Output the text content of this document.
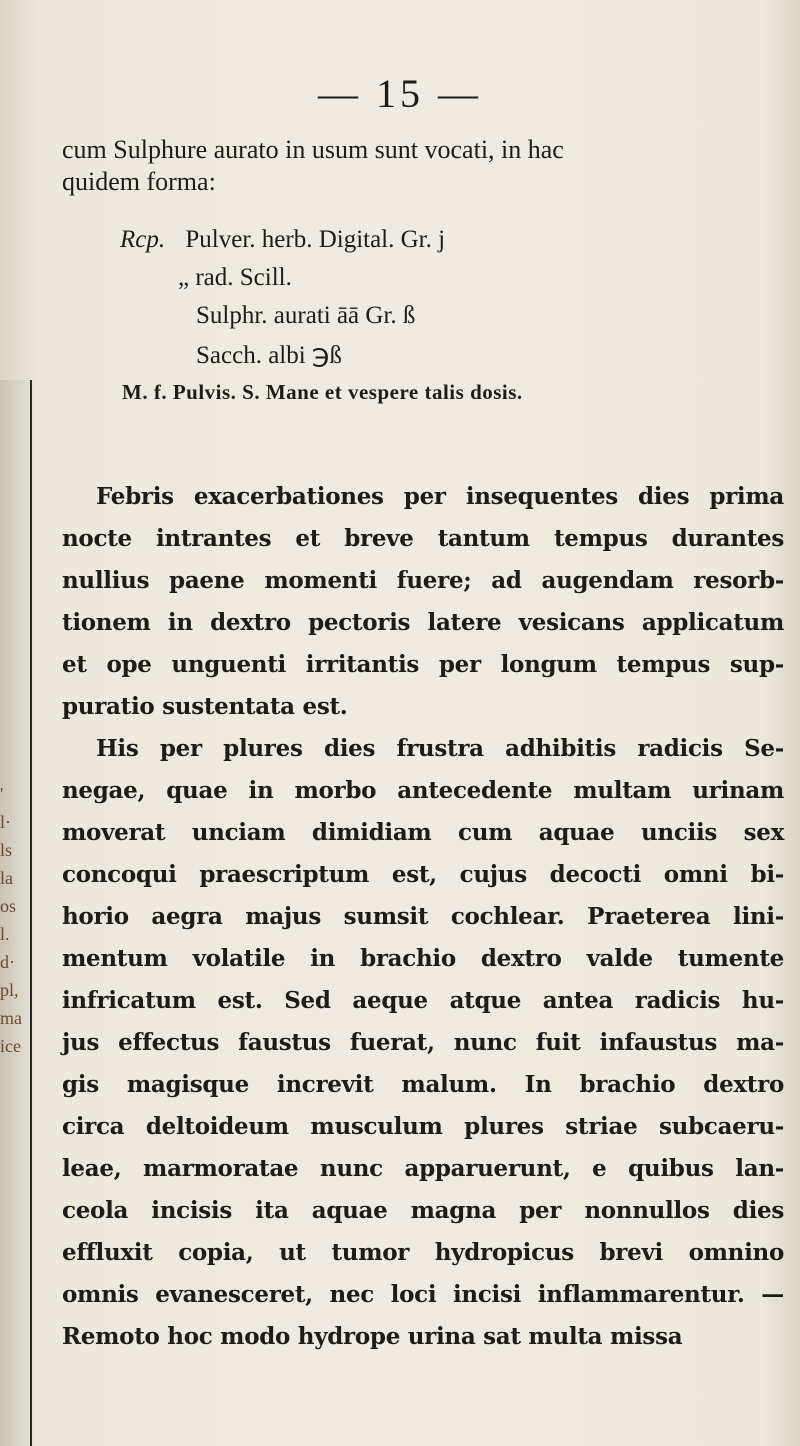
'
l·
ls
la
os
l.
d·
pl,
ma
ice
— 15 —
cum Sulphure aurato in usum sunt vocati, in hac
quidem forma:
Rcp. Pulver. herb. Digital. Gr. j
„ rad. Scill.
Sulphr. aurati āā Gr. ß
Sacch. albi ℈ß
M. f. Pulvis. S. Mane et vespere talis dosis.
Febris exacerbationes per insequentes dies prima
nocte intrantes et breve tantum tempus durantes
nullius paene momenti fuere; ad augendam resorb-
tionem in dextro pectoris latere vesicans applicatum
et ope unguenti irritantis per longum tempus sup-
puratio sustentata est.
His per plures dies frustra adhibitis radicis Se-
negae, quae in morbo antecedente multam urinam
moverat unciam dimidiam cum aquae unciis sex
concoqui praescriptum est, cujus decocti omni bi-
horio aegra majus sumsit cochlear. Praeterea lini-
mentum volatile in brachio dextro valde tumente
infricatum est. Sed aeque atque antea radicis hu-
jus effectus faustus fuerat, nunc fuit infaustus ma-
gis magisque increvit malum. In brachio dextro
circa deltoideum musculum plures striae subcaeru-
leae, marmoratae nunc apparuerunt, e quibus lan-
ceola incisis ita aquae magna per nonnullos dies
effluxit copia, ut tumor hydropicus brevi omnino
omnis evanesceret, nec loci incisi inflammarentur. —
Remoto hoc modo hydrope urina sat multa missa
